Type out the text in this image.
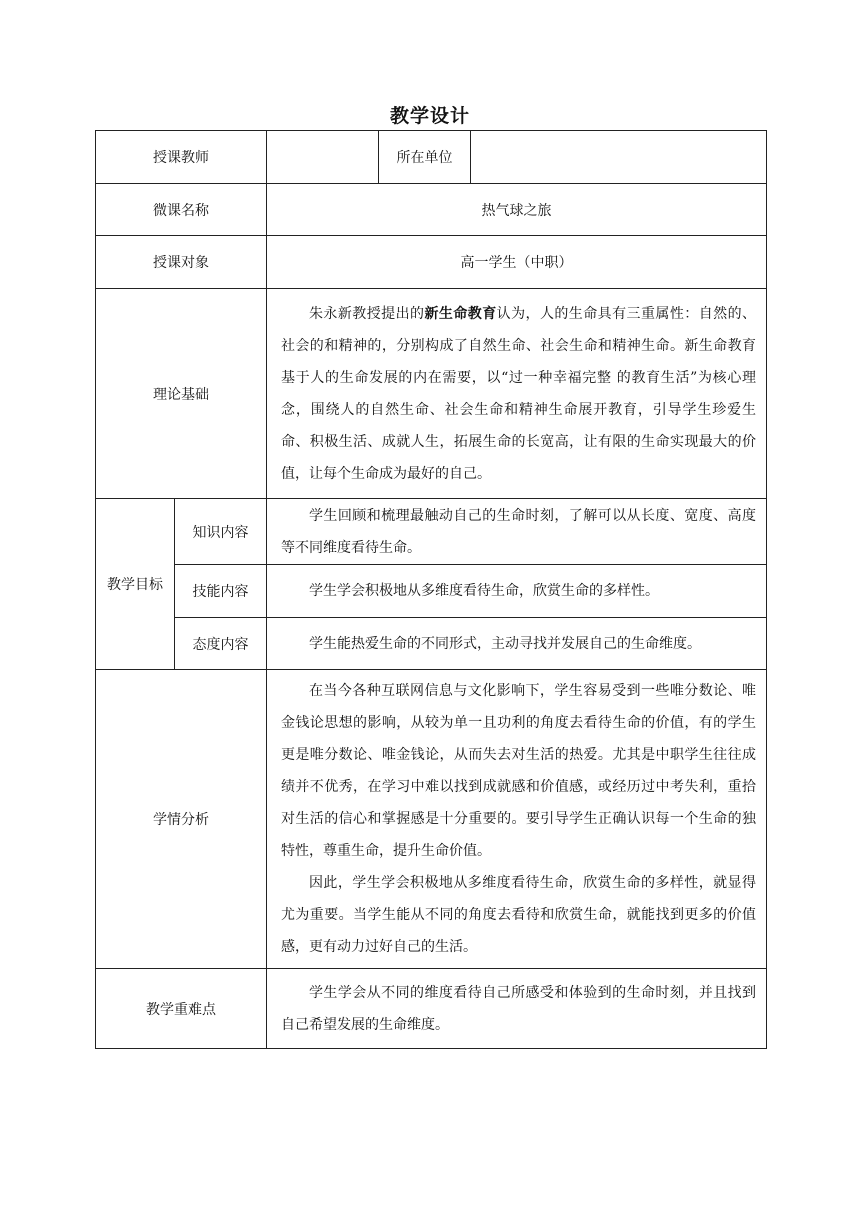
教学设计
授课教师			所在单位	
微课名称		热气球之旅		
授课对象		高一学生（中职）		
理论基础		朱永新教授提出的新生命教育认为，人的生命具有三重属性：自然的、社会的和精神的，分别构成了自然生命、社会生命和精神生命。新生命教育基于人的生命发展的内在需要，以“过一种幸福完整 的教育生活”为核心理念，围绕人的自然生命、社会生命和精神生命展开教育，引导学生珍爱生命、积极生活、成就人生，拓展生命的长宽高，让有限的生命实现最大的价值，让每个生命成为最好的自己。		

教学目标	知识内容	学生回顾和梳理最触动自己的生命时刻，了解可以从长度、宽度、高度等不同维度看待生命。		

	技能内容	学生学会积极地从多维度看待生命，欣赏生命的多样性。		

	态度内容	学生能热爱生命的不同形式，主动寻找并发展自己的生命维度。		

学情分析		在当今各种互联网信息与文化影响下，学生容易受到一些唯分数论、唯金钱论思想的影响，从较为单一且功利的角度去看待生命的价值，有的学生更是唯分数论、唯金钱论，从而失去对生活的热爱。尤其是中职学生往往成绩并不优秀，在学习中难以找到成就感和价值感，或经历过中考失利，重拾对生活的信心和掌握感是十分重要的。要引导学生正确认识每一个生命的独特性，尊重生命，提升生命价值。

因此，学生学会积极地从多维度看待生命，欣赏生命的多样性，就显得尤为重要。当学生能从不同的角度去看待和欣赏生命，就能找到更多的价值感，更有动力过好自己的生活。		

教学重难点		学生学会从不同的维度看待自己所感受和体验到的生命时刻，并且找到自己希望发展的生命维度。		
